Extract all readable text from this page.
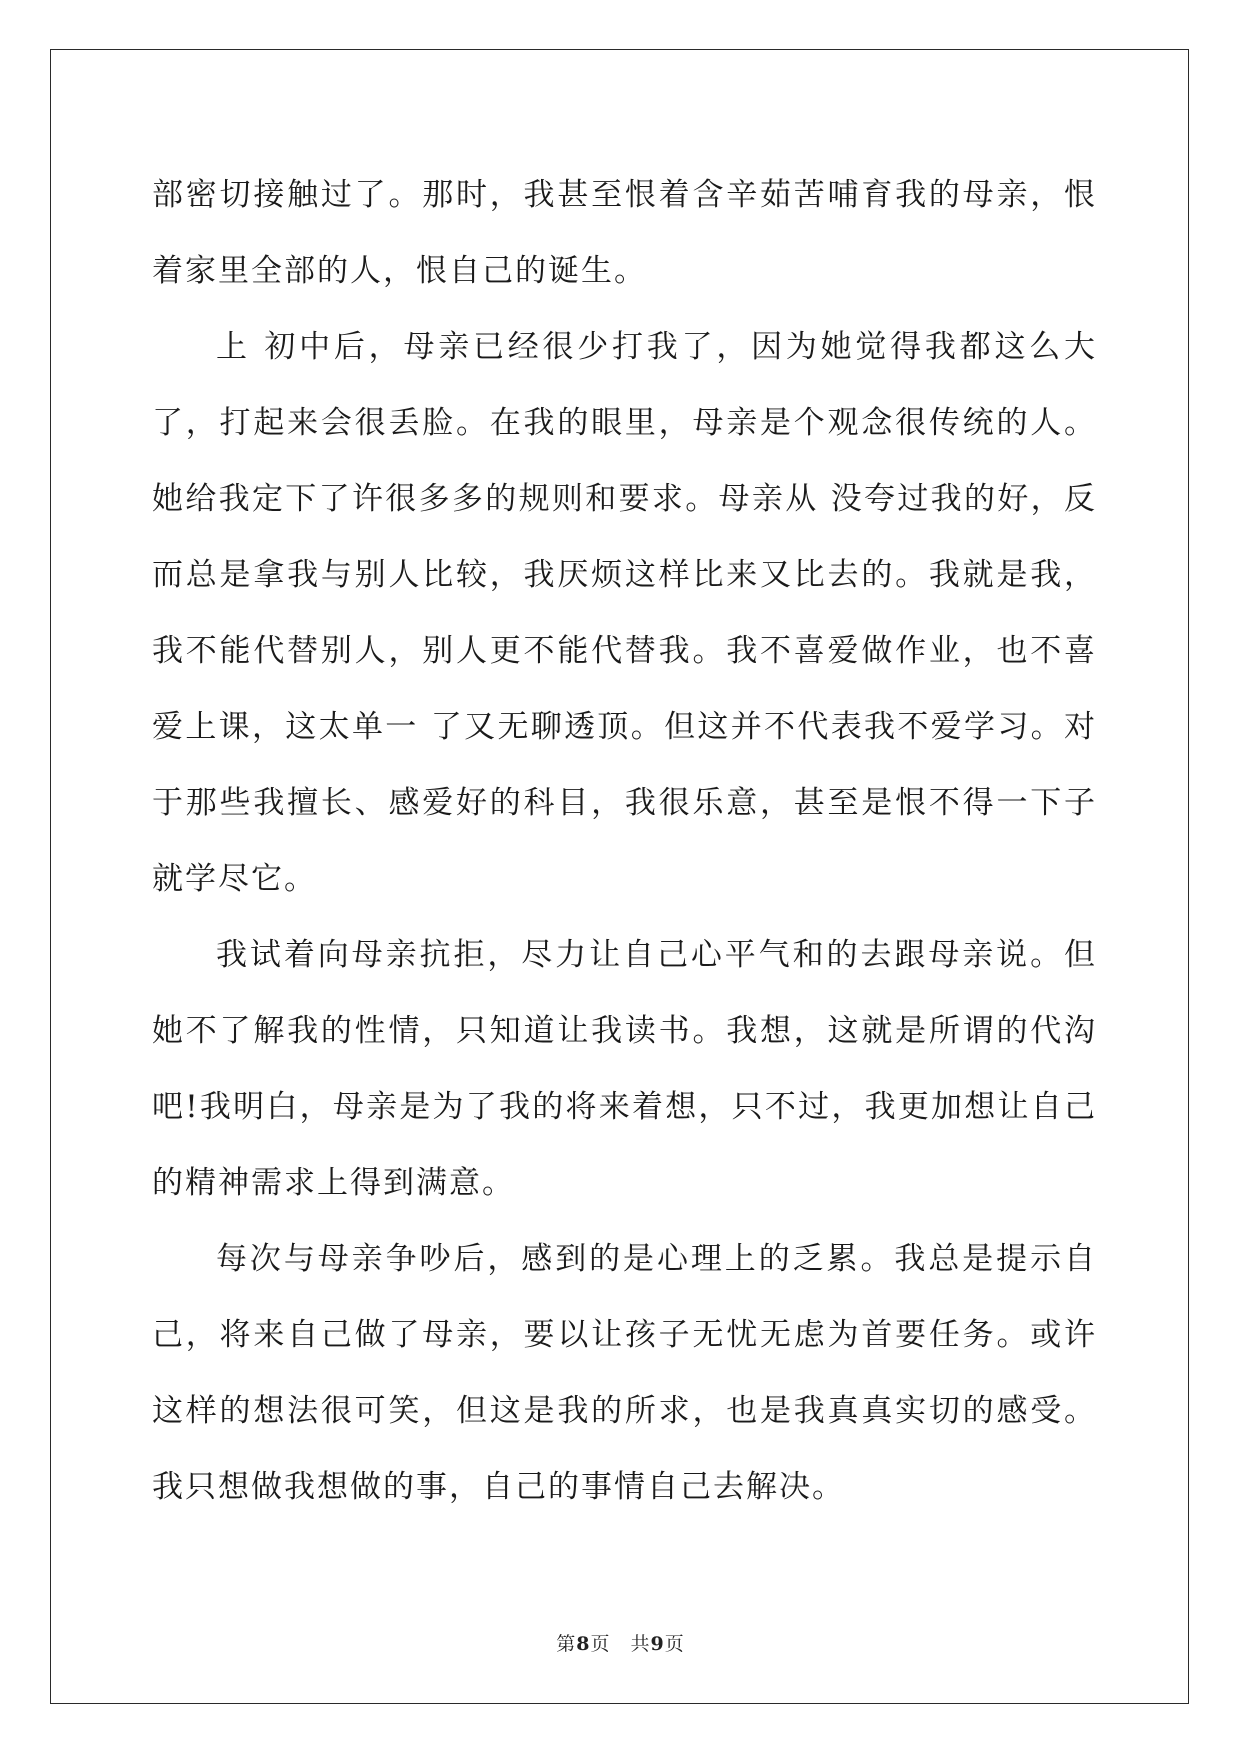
部密切接触过了。那时，我甚至恨着含辛茹苦哺育我的母亲，恨着家里全部的人，恨自己的诞生。

上 初中后，母亲已经很少打我了，因为她觉得我都这么大了，打起来会很丢脸。在我的眼里，母亲是个观念很传统的人。她给我定下了许很多多的规则和要求。母亲从 没夸过我的好，反而总是拿我与别人比较，我厌烦这样比来又比去的。我就是我，我不能代替别人，别人更不能代替我。我不喜爱做作业，也不喜爱上课，这太单一 了又无聊透顶。但这并不代表我不爱学习。对于那些我擅长、感爱好的科目，我很乐意，甚至是恨不得一下子就学尽它。

我试着向母亲抗拒，尽力让自己心平气和的去跟母亲说。但她不了解我的性情，只知道让我读书。我想，这就是所谓的代沟吧!我明白，母亲是为了我的将来着想，只不过，我更加想让自己的精神需求上得到满意。

每次与母亲争吵后，感到的是心理上的乏累。我总是提示自己，将来自己做了母亲，要以让孩子无忧无虑为首要任务。或许这样的想法很可笑，但这是我的所求，也是我真真实切的感受。我只想做我想做的事，自己的事情自己去解决。

第8页　共9页
